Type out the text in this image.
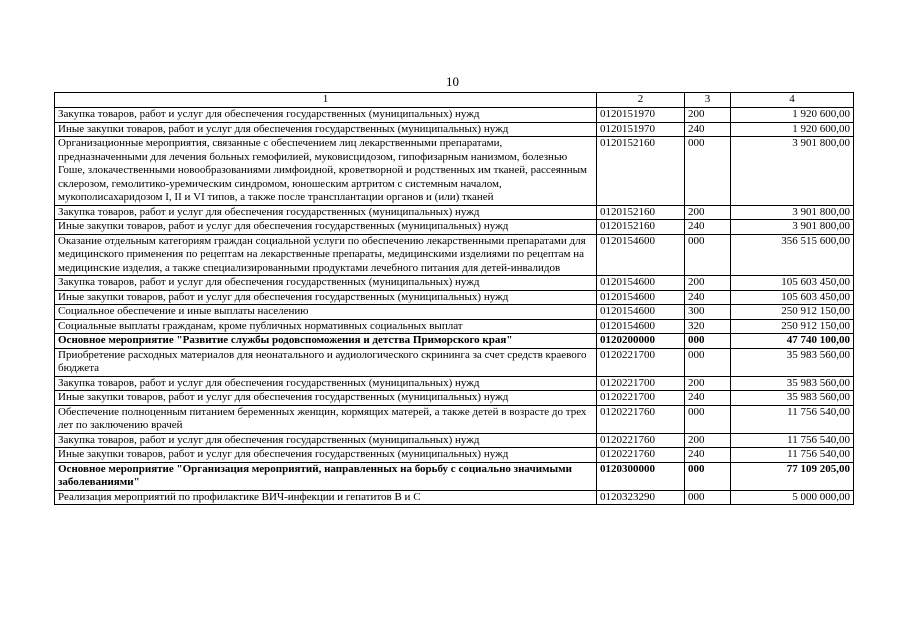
10
1	2	3	4
Закупка товаров, работ и услуг для обеспечения государственных (муниципальных) нужд	0120151970	200	1 920 600,00
Иные закупки товаров, работ и услуг для обеспечения государственных (муниципальных) нужд	0120151970	240	1 920 600,00
Организационные мероприятия, связанные с обеспечением лиц лекарственными препаратами, предназначенными для лечения больных гемофилией, муковисцидозом, гипофизарным нанизмом, болезнью Гоше, злокачественными новообразованиями лимфоидной, кроветворной и родственных им тканей, рассеянным склерозом, гемолитико-уремическим синдромом, юношеским артритом с системным началом, мукополисахаридозом I, II и VI типов, а также после трансплантации органов и (или) тканей	0120152160	000	3 901 800,00
Закупка товаров, работ и услуг для обеспечения государственных (муниципальных) нужд	0120152160	200	3 901 800,00
Иные закупки товаров, работ и услуг для обеспечения государственных (муниципальных) нужд	0120152160	240	3 901 800,00
Оказание отдельным категориям граждан социальной услуги по обеспечению лекарственными препаратами для медицинского применения по рецептам на лекарственные препараты, медицинскими изделиями по рецептам на медицинские изделия, а также специализированными продуктами лечебного питания для детей-инвалидов	0120154600	000	356 515 600,00
Закупка товаров, работ и услуг для обеспечения государственных (муниципальных) нужд	0120154600	200	105 603 450,00
Иные закупки товаров, работ и услуг для обеспечения государственных (муниципальных) нужд	0120154600	240	105 603 450,00
Социальное обеспечение и иные выплаты населению	0120154600	300	250 912 150,00
Социальные выплаты гражданам, кроме публичных нормативных социальных выплат	0120154600	320	250 912 150,00
Основное мероприятие "Развитие службы родовспоможения и детства Приморского края"	0120200000	000	47 740 100,00
Приобретение расходных материалов для неонатального и аудиологического скрининга за счет средств краевого бюджета	0120221700	000	35 983 560,00
Закупка товаров, работ и услуг для обеспечения государственных (муниципальных) нужд	0120221700	200	35 983 560,00
Иные закупки товаров, работ и услуг для обеспечения государственных (муниципальных) нужд	0120221700	240	35 983 560,00
Обеспечение полноценным питанием беременных женщин, кормящих матерей, а также детей в возрасте до трех лет по заключению врачей	0120221760	000	11 756 540,00
Закупка товаров, работ и услуг для обеспечения государственных (муниципальных) нужд	0120221760	200	11 756 540,00
Иные закупки товаров, работ и услуг для обеспечения государственных (муниципальных) нужд	0120221760	240	11 756 540,00
Основное мероприятие "Организация мероприятий, направленных на борьбу с социально значимыми заболеваниями"	0120300000	000	77 109 205,00
Реализация мероприятий по профилактике ВИЧ-инфекции и гепатитов В и С	0120323290	000	5 000 000,00
